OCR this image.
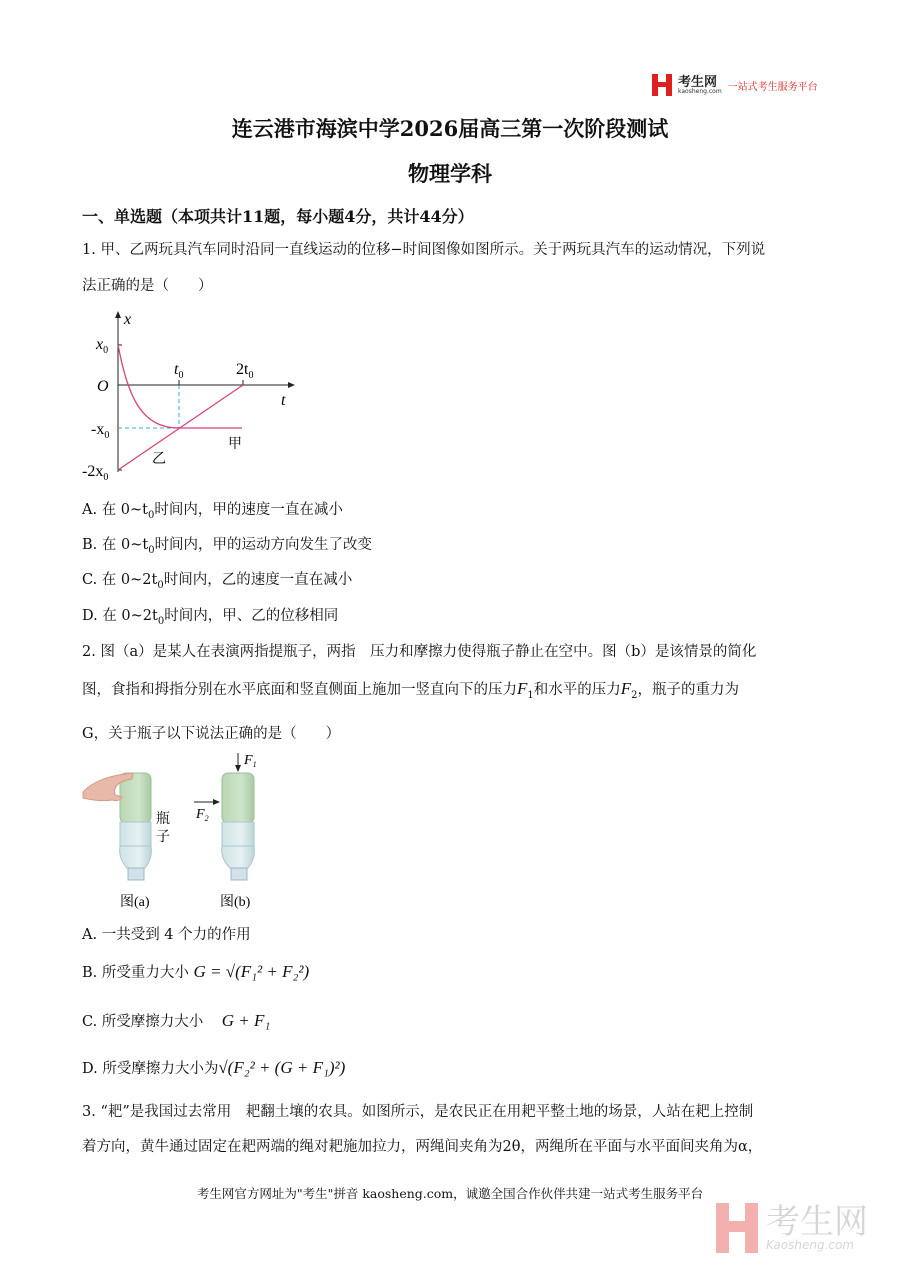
考生网
kaosheng.com 一站式考生服务平台
连云港市海滨中学2026届高三第一次阶段测试
物理学科
一、单选题（本项共计11题，每小题4分，共计44分）
1. 甲、乙两玩具汽车同时沿同一直线运动的位移−时间图像如图所示。关于两玩具汽车的运动情况，下列说
法正确的是（　　）
x
t
O
$x_0$
$-x_0$
$-2x_0$
$t_0$	$2t_0$
甲
乙
A. 在 $0\sim t_0$时间内，甲的速度一直在减小
B. 在 $0\sim t_0$时间内，甲的运动方向发生了改变
C. 在 $0\sim 2t_0$时间内，乙的速度一直在减小
D. 在 $0\sim 2t_0$时间内，甲、乙的位移相同
2. 图（a）是某人在表演两指提瓶子，两指　压力和摩擦力使得瓶子静止在空中。图（b）是该情景的简化
图，食指和拇指分别在水平底面和竖直侧面上施加一竖直向下的压力$F_1$和水平的压力$F_2$，瓶子的重力为
G，关于瓶子以下说法正确的是（　　）
瓶
子
图(a)
$F_1$
$F_2$
图(b)
A. 一共受到 4 个力的作用
B. 所受重力大小 G = √(F₁² + F₂²)
C. 所受摩擦力大小 G + F₁
D. 所受摩擦力大小为√(F₂² + (G + F₁)²)
3. “耙”是我国过去常用　耙翻土壤的农具。如图所示，是农民正在用耙平整土地的场景，人站在耙上控制
着方向，黄牛通过固定在耙两端的绳对耙施加拉力，两绳间夹角为2θ，两绳所在平面与水平面间夹角为α，
考生网官方网址为"考生"拼音 kaosheng.com，诚邀全国合作伙伴共建一站式考生服务平台
考生网
Kaosheng.com
